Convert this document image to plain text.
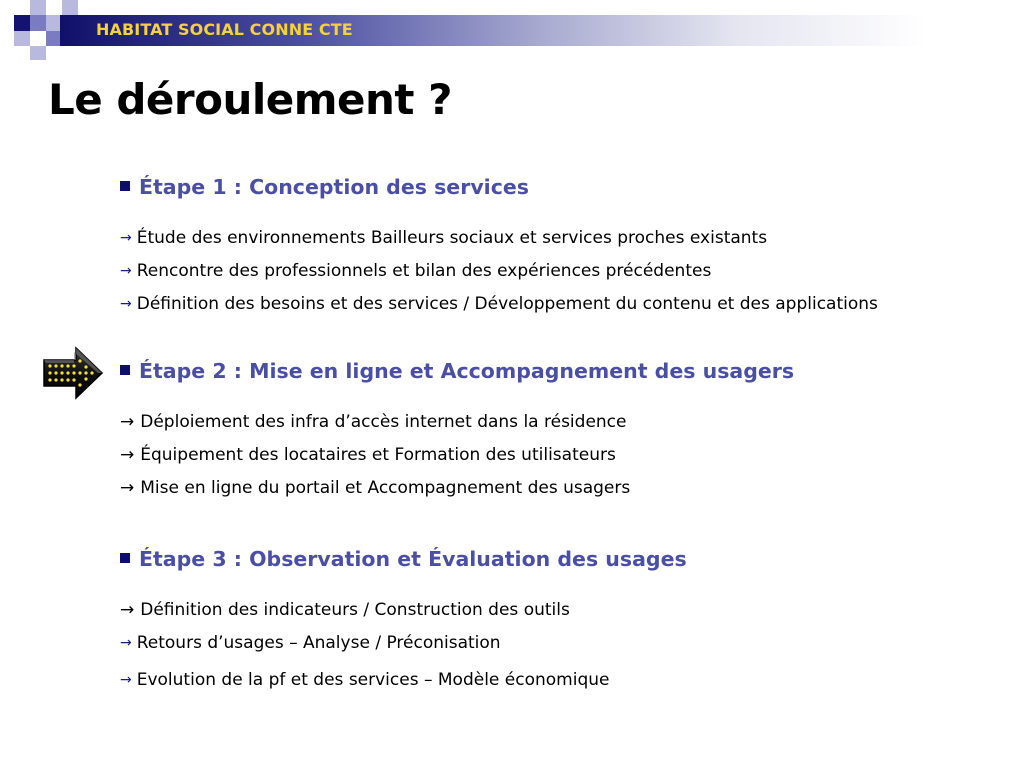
HABITAT SOCIAL CONNE CTE
Le déroulement ?
Étape 1 : Conception des services
→ Étude des environnements Bailleurs sociaux et services proches existants
→ Rencontre des professionnels et bilan des expériences précédentes
→ Définition des besoins et des services / Développement du contenu et des applications
Étape 2 : Mise en ligne et Accompagnement des usagers
→ Déploiement des infra d’accès internet dans la résidence
→ Équipement des locataires et Formation des utilisateurs
→ Mise en ligne du portail et Accompagnement des usagers
Étape 3 : Observation et Évaluation des usages
→ Définition des indicateurs / Construction des outils
→ Retours d’usages – Analyse / Préconisation
→ Evolution de la pf et des services – Modèle économique
